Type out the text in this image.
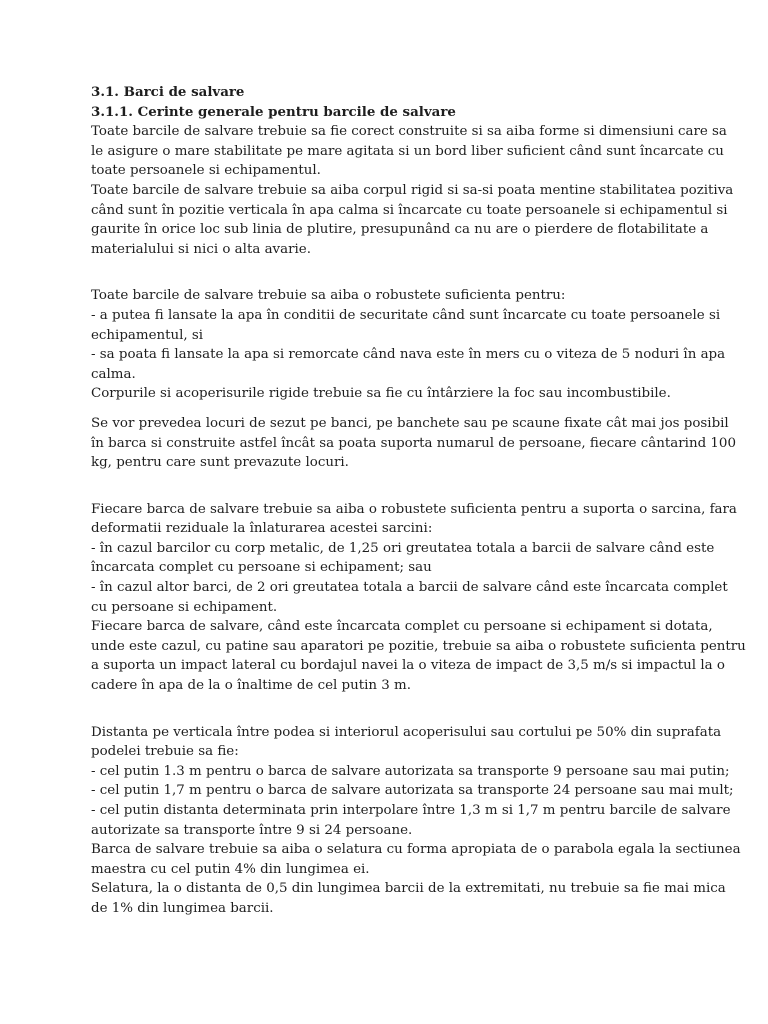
3.1. Barci de salvare

3.1.1. Cerinte generale pentru barcile de salvare

Toate barcile de salvare trebuie sa fie corect construite si sa aiba forme si dimensiuni care sa
le asigure o mare stabilitate pe mare agitata si un bord liber suficient când sunt încarcate cu
toate persoanele si echipamentul.
Toate barcile de salvare trebuie sa aiba corpul rigid si sa-si poata mentine stabilitatea pozitiva
când sunt în pozitie verticala în apa calma si încarcate cu toate persoanele si echipamentul si
gaurite în orice loc sub linia de plutire, presupunând ca nu are o pierdere de flotabilitate a
materialului si nici o alta avarie.
Toate barcile de salvare trebuie sa aiba o robustete suficienta pentru:
- a putea fi lansate la apa în conditii de securitate când sunt încarcate cu toate persoanele si
echipamentul, si
- sa poata fi lansate la apa si remorcate când nava este în mers cu o viteza de 5 noduri în apa
calma.
Corpurile si acoperisurile rigide trebuie sa fie cu întârziere la foc sau incombustibile.
Se vor prevedea locuri de sezut pe banci, pe banchete sau pe scaune fixate cât mai jos posibil
în barca si construite astfel încât sa poata suporta numarul de persoane, fiecare cântarind 100
kg, pentru care sunt prevazute locuri.
Fiecare barca de salvare trebuie sa aiba o robustete suficienta pentru a suporta o sarcina, fara
deformatii reziduale la înlaturarea acestei sarcini:
- în cazul barcilor cu corp metalic, de 1,25 ori greutatea totala a barcii de salvare când este
încarcata complet cu persoane si echipament; sau
- în cazul altor barci, de 2 ori greutatea totala a barcii de salvare când este încarcata complet
cu persoane si echipament.
Fiecare barca de salvare, când este încarcata complet cu persoane si echipament si dotata,
unde este cazul, cu patine sau aparatori pe pozitie, trebuie sa aiba o robustete suficienta pentru
a suporta un impact lateral cu bordajul navei la o viteza de impact de 3,5 m/s si impactul la o
cadere în apa de la o înaltime de cel putin 3 m.
Distanta pe verticala între podea si interiorul acoperisului sau cortului pe 50% din suprafata
podelei trebuie sa fie:
- cel putin 1.3 m pentru o barca de salvare autorizata sa transporte 9 persoane sau mai putin;
- cel putin 1,7 m pentru o barca de salvare autorizata sa transporte 24 persoane sau mai mult;
- cel putin distanta determinata prin interpolare între 1,3 m si 1,7 m pentru barcile de salvare
autorizate sa transporte între 9 si 24 persoane.
Barca de salvare trebuie sa aiba o selatura cu forma apropiata de o parabola egala la sectiunea
maestra cu cel putin 4% din lungimea ei.
Selatura, la o distanta de 0,5 din lungimea barcii de la extremitati, nu trebuie sa fie mai mica
de 1% din lungimea barcii.
